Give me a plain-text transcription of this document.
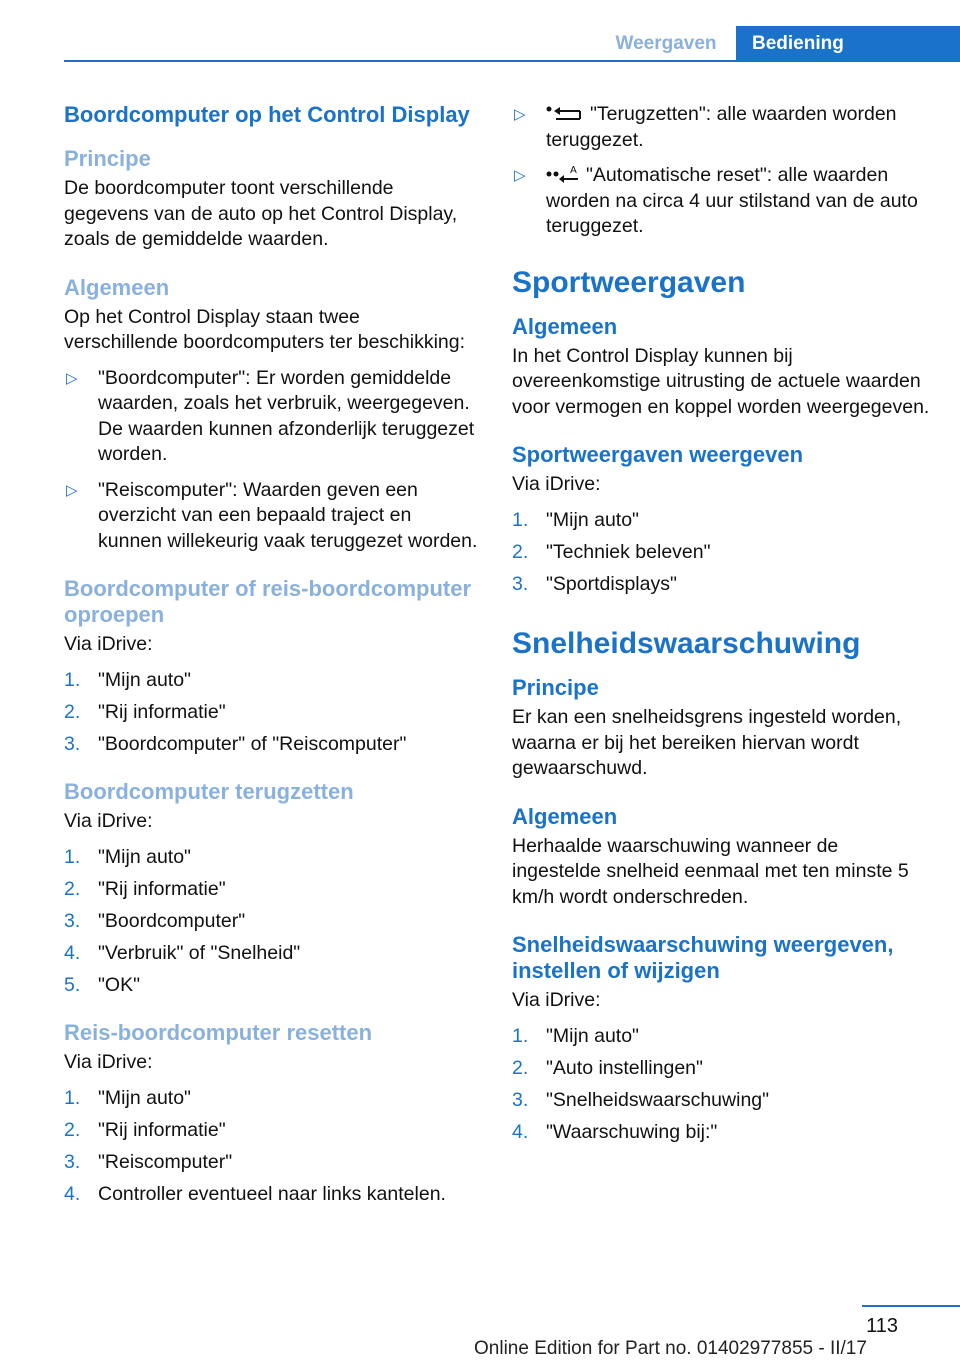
Weergaven	Bediening
Boordcomputer op het Control Display
Principe

De boordcomputer toont verschillende gegevens van de auto op het Control Display, zoals de gemiddelde waarden.

Algemeen

Op het Control Display staan twee verschillende boordcomputers ter beschikking:

▷ "Boordcomputer": Er worden gemiddelde waarden, zoals het verbruik, weergegeven. De waarden kunnen afzonderlijk teruggezet worden.
▷ "Reiscomputer": Waarden geven een overzicht van een bepaald traject en kunnen willekeurig vaak teruggezet worden.
Boordcomputer of reis-boordcomputer oproepen

Via iDrive:

1. "Mijn auto"
2. "Rij informatie"
3. "Boordcomputer" of "Reiscomputer"
Boordcomputer terugzetten

Via iDrive:

1. "Mijn auto"
2. "Rij informatie"
3. "Boordcomputer"
4. "Verbruik" of "Snelheid"
5. "OK"
Reis-boordcomputer resetten

Via iDrive:

1. "Mijn auto"
2. "Rij informatie"
3. "Reiscomputer"
4. Controller eventueel naar links kantelen.
▷	"Terugzetten": alle waarden worden teruggezet.
▷	A "Automatische reset": alle waarden worden na circa 4 uur stilstand van de auto teruggezet.
Sportweergaven
Algemeen

In het Control Display kunnen bij overeenkomstige uitrusting de actuele waarden voor vermogen en koppel worden weergegeven.

Sportweergaven weergeven

Via iDrive:

1. "Mijn auto"
2. "Techniek beleven"
3. "Sportdisplays"
Snelheidswaarschuwing
Principe

Er kan een snelheidsgrens ingesteld worden, waarna er bij het bereiken hiervan wordt gewaarschuwd.

Algemeen

Herhaalde waarschuwing wanneer de ingestelde snelheid eenmaal met ten minste 5 km/h wordt onderschreden.

Snelheidswaarschuwing weergeven, instellen of wijzigen

Via iDrive:

1. "Mijn auto"
2. "Auto instellingen"
3. "Snelheidswaarschuwing"
4. "Waarschuwing bij:"
113
Online Edition for Part no. 01402977855 - II/17
